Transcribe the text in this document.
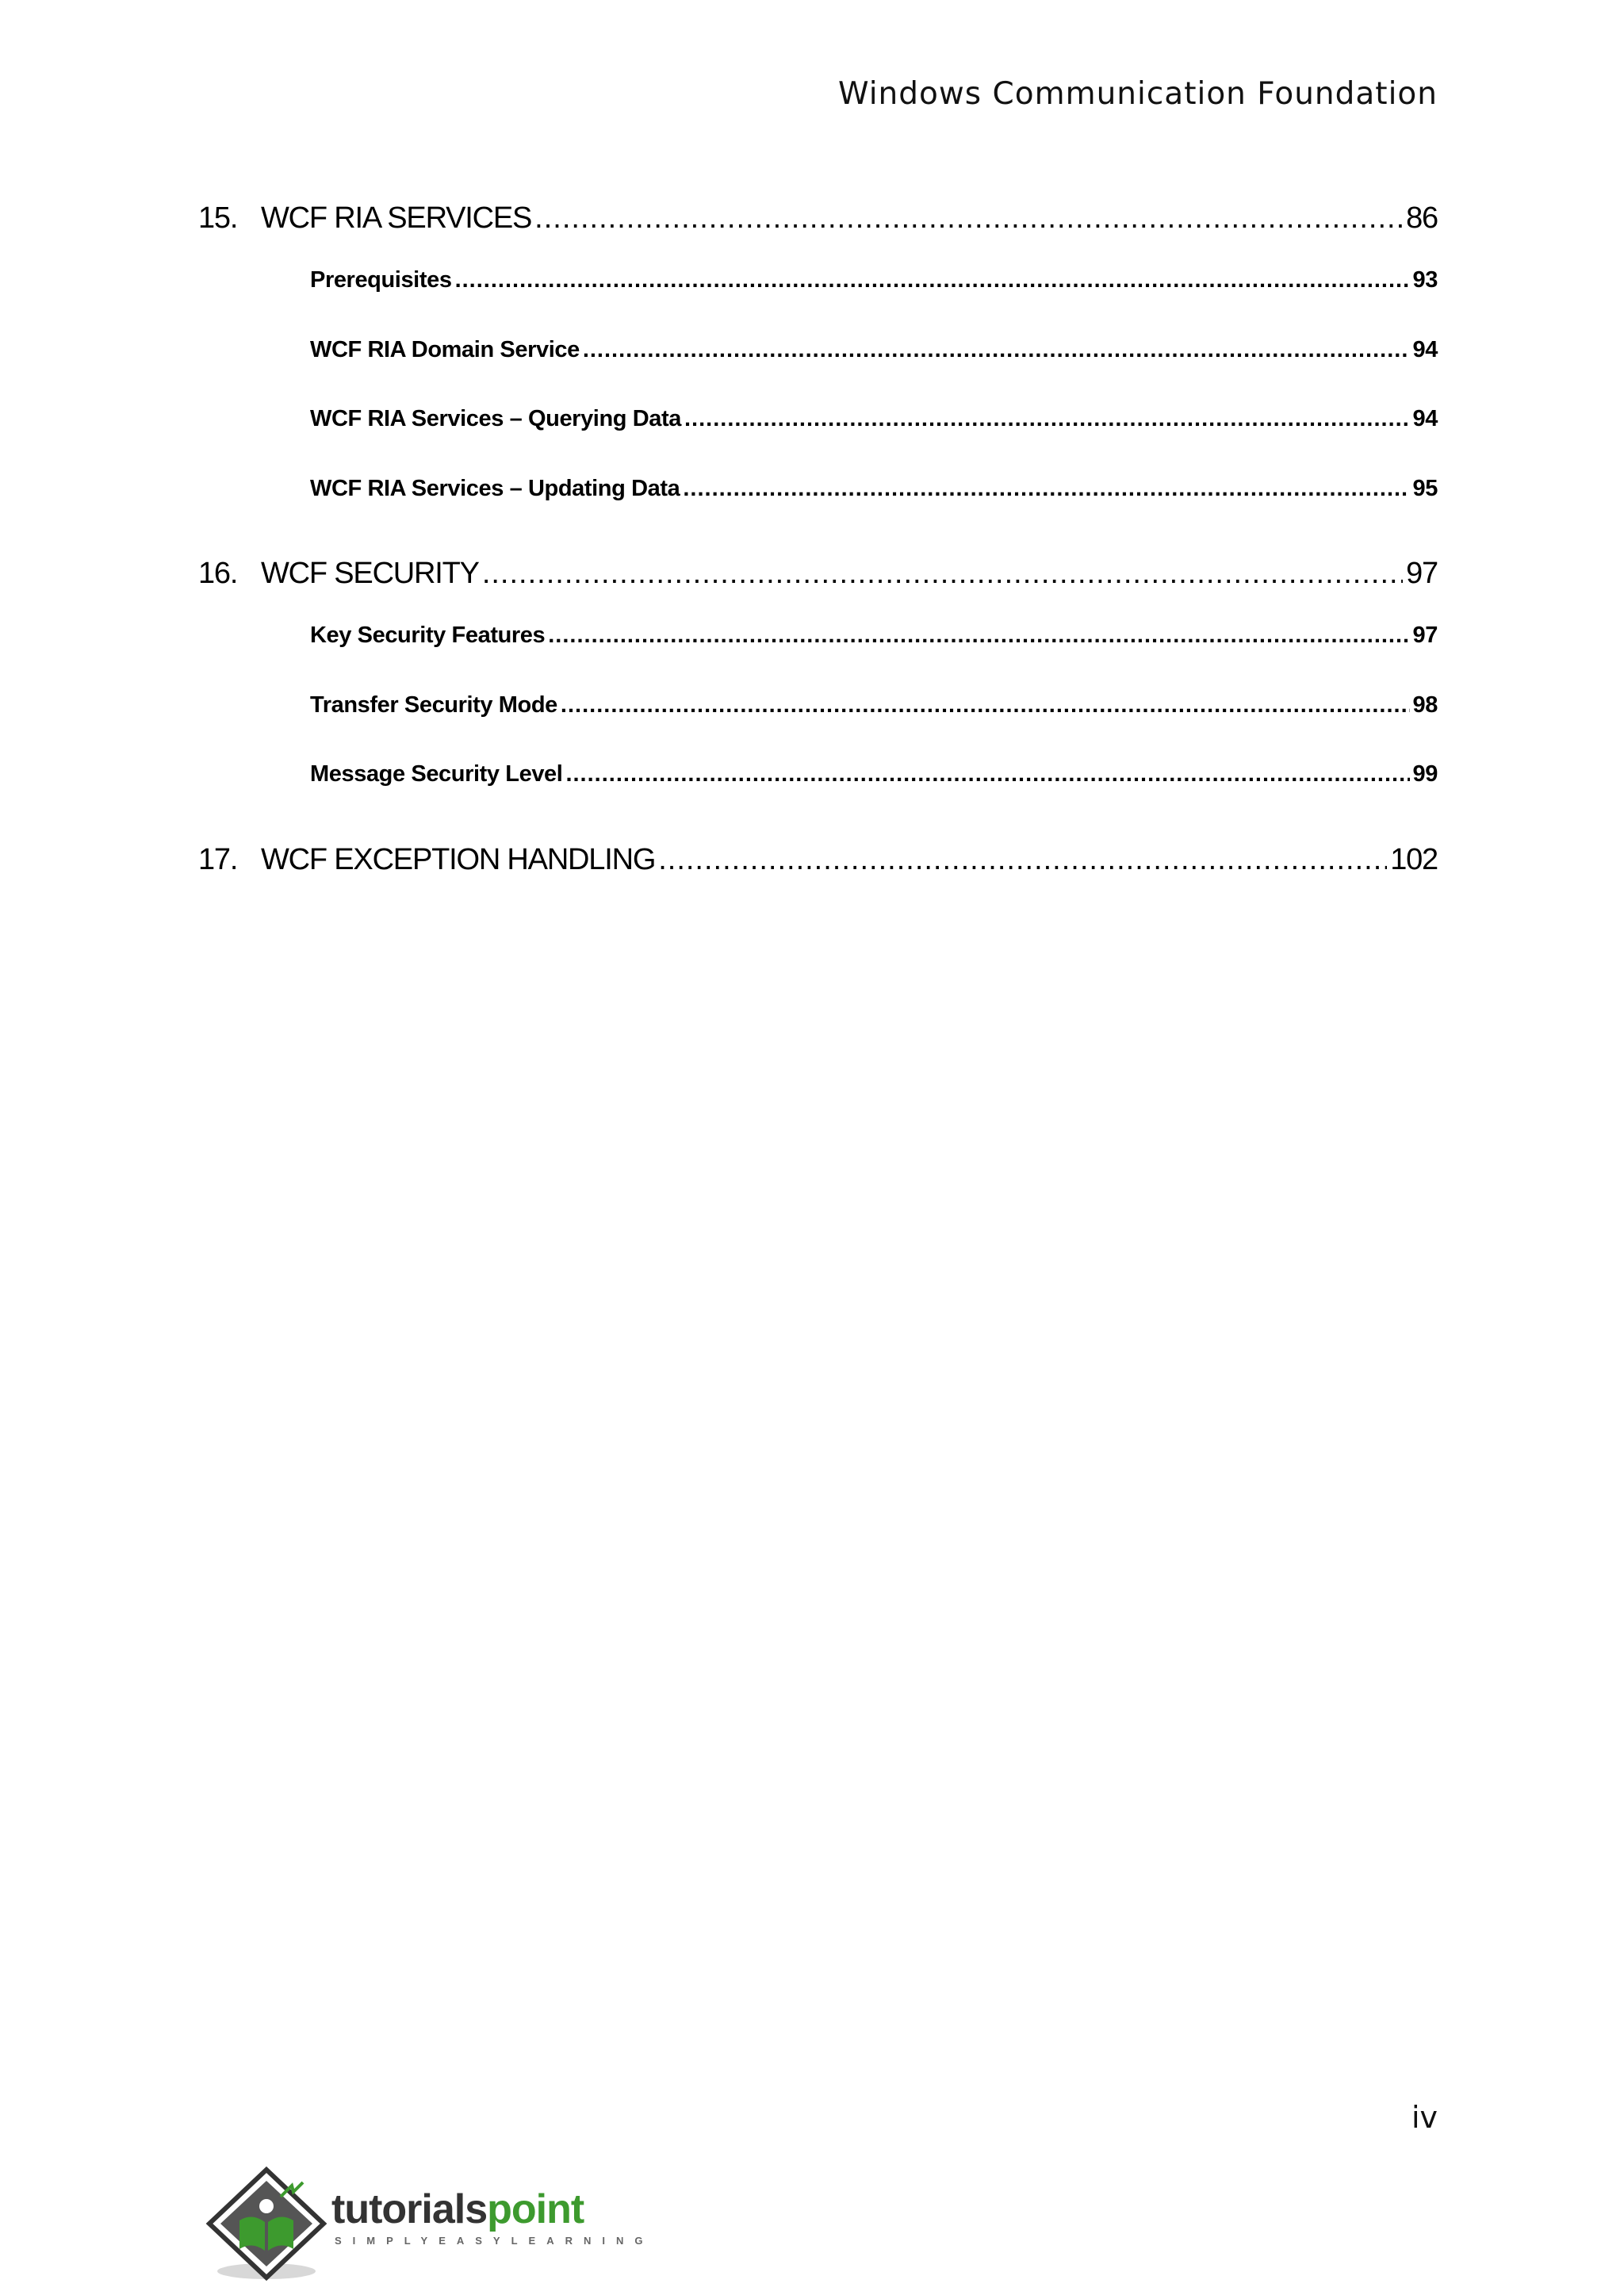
Windows Communication Foundation
15. WCF RIA SERVICES .....	86
Prerequisites .....	93
WCF RIA Domain Service .....	94
WCF RIA Services – Querying Data .....	94
WCF RIA Services – Updating Data .....	95
16. WCF SECURITY .....	97
Key Security Features .....	97
Transfer Security Mode .....	98
Message Security Level .....	99
17. WCF EXCEPTION HANDLING .....	102
iv
tutorialspoint
SIMPLYEASYLEARNING
